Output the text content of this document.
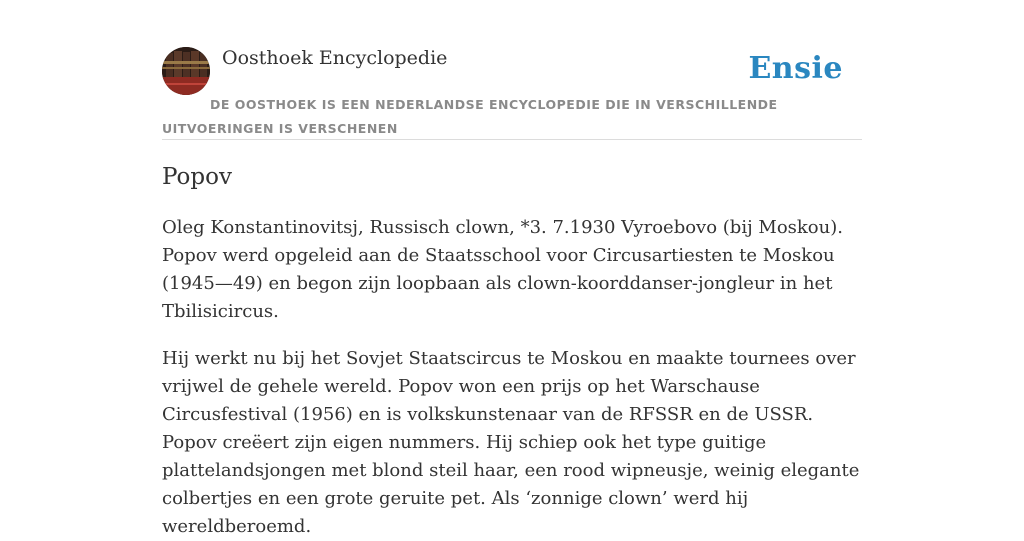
Oosthoek Encyclopedie	Ensie
DE OOSTHOEK IS EEN NEDERLANDSE ENCYCLOPEDIE DIE IN VERSCHILLENDE UITVOERINGEN IS VERSCHENEN
Popov

Oleg Konstantinovitsj, Russisch clown, *3. 7.1930 Vyroebovo (bij Moskou). Popov werd opgeleid aan de Staatsschool voor Circusartiesten te Moskou (1945—49) en begon zijn loopbaan als clown-koorddanser-jongleur in het Tbilisicircus.

Hij werkt nu bij het Sovjet Staatscircus te Moskou en maakte tournees over vrijwel de gehele wereld. Popov won een prijs op het Warschause Circusfestival (1956) en is volkskunstenaar van de RFSSR en de USSR. Popov creëert zijn eigen nummers. Hij schiep ook het type guitige plattelandsjongen met blond steil haar, een rood wipneusje, weinig elegante colbertjes en een grote geruite pet. Als ‘zonnige clown’ werd hij wereldberoemd.
